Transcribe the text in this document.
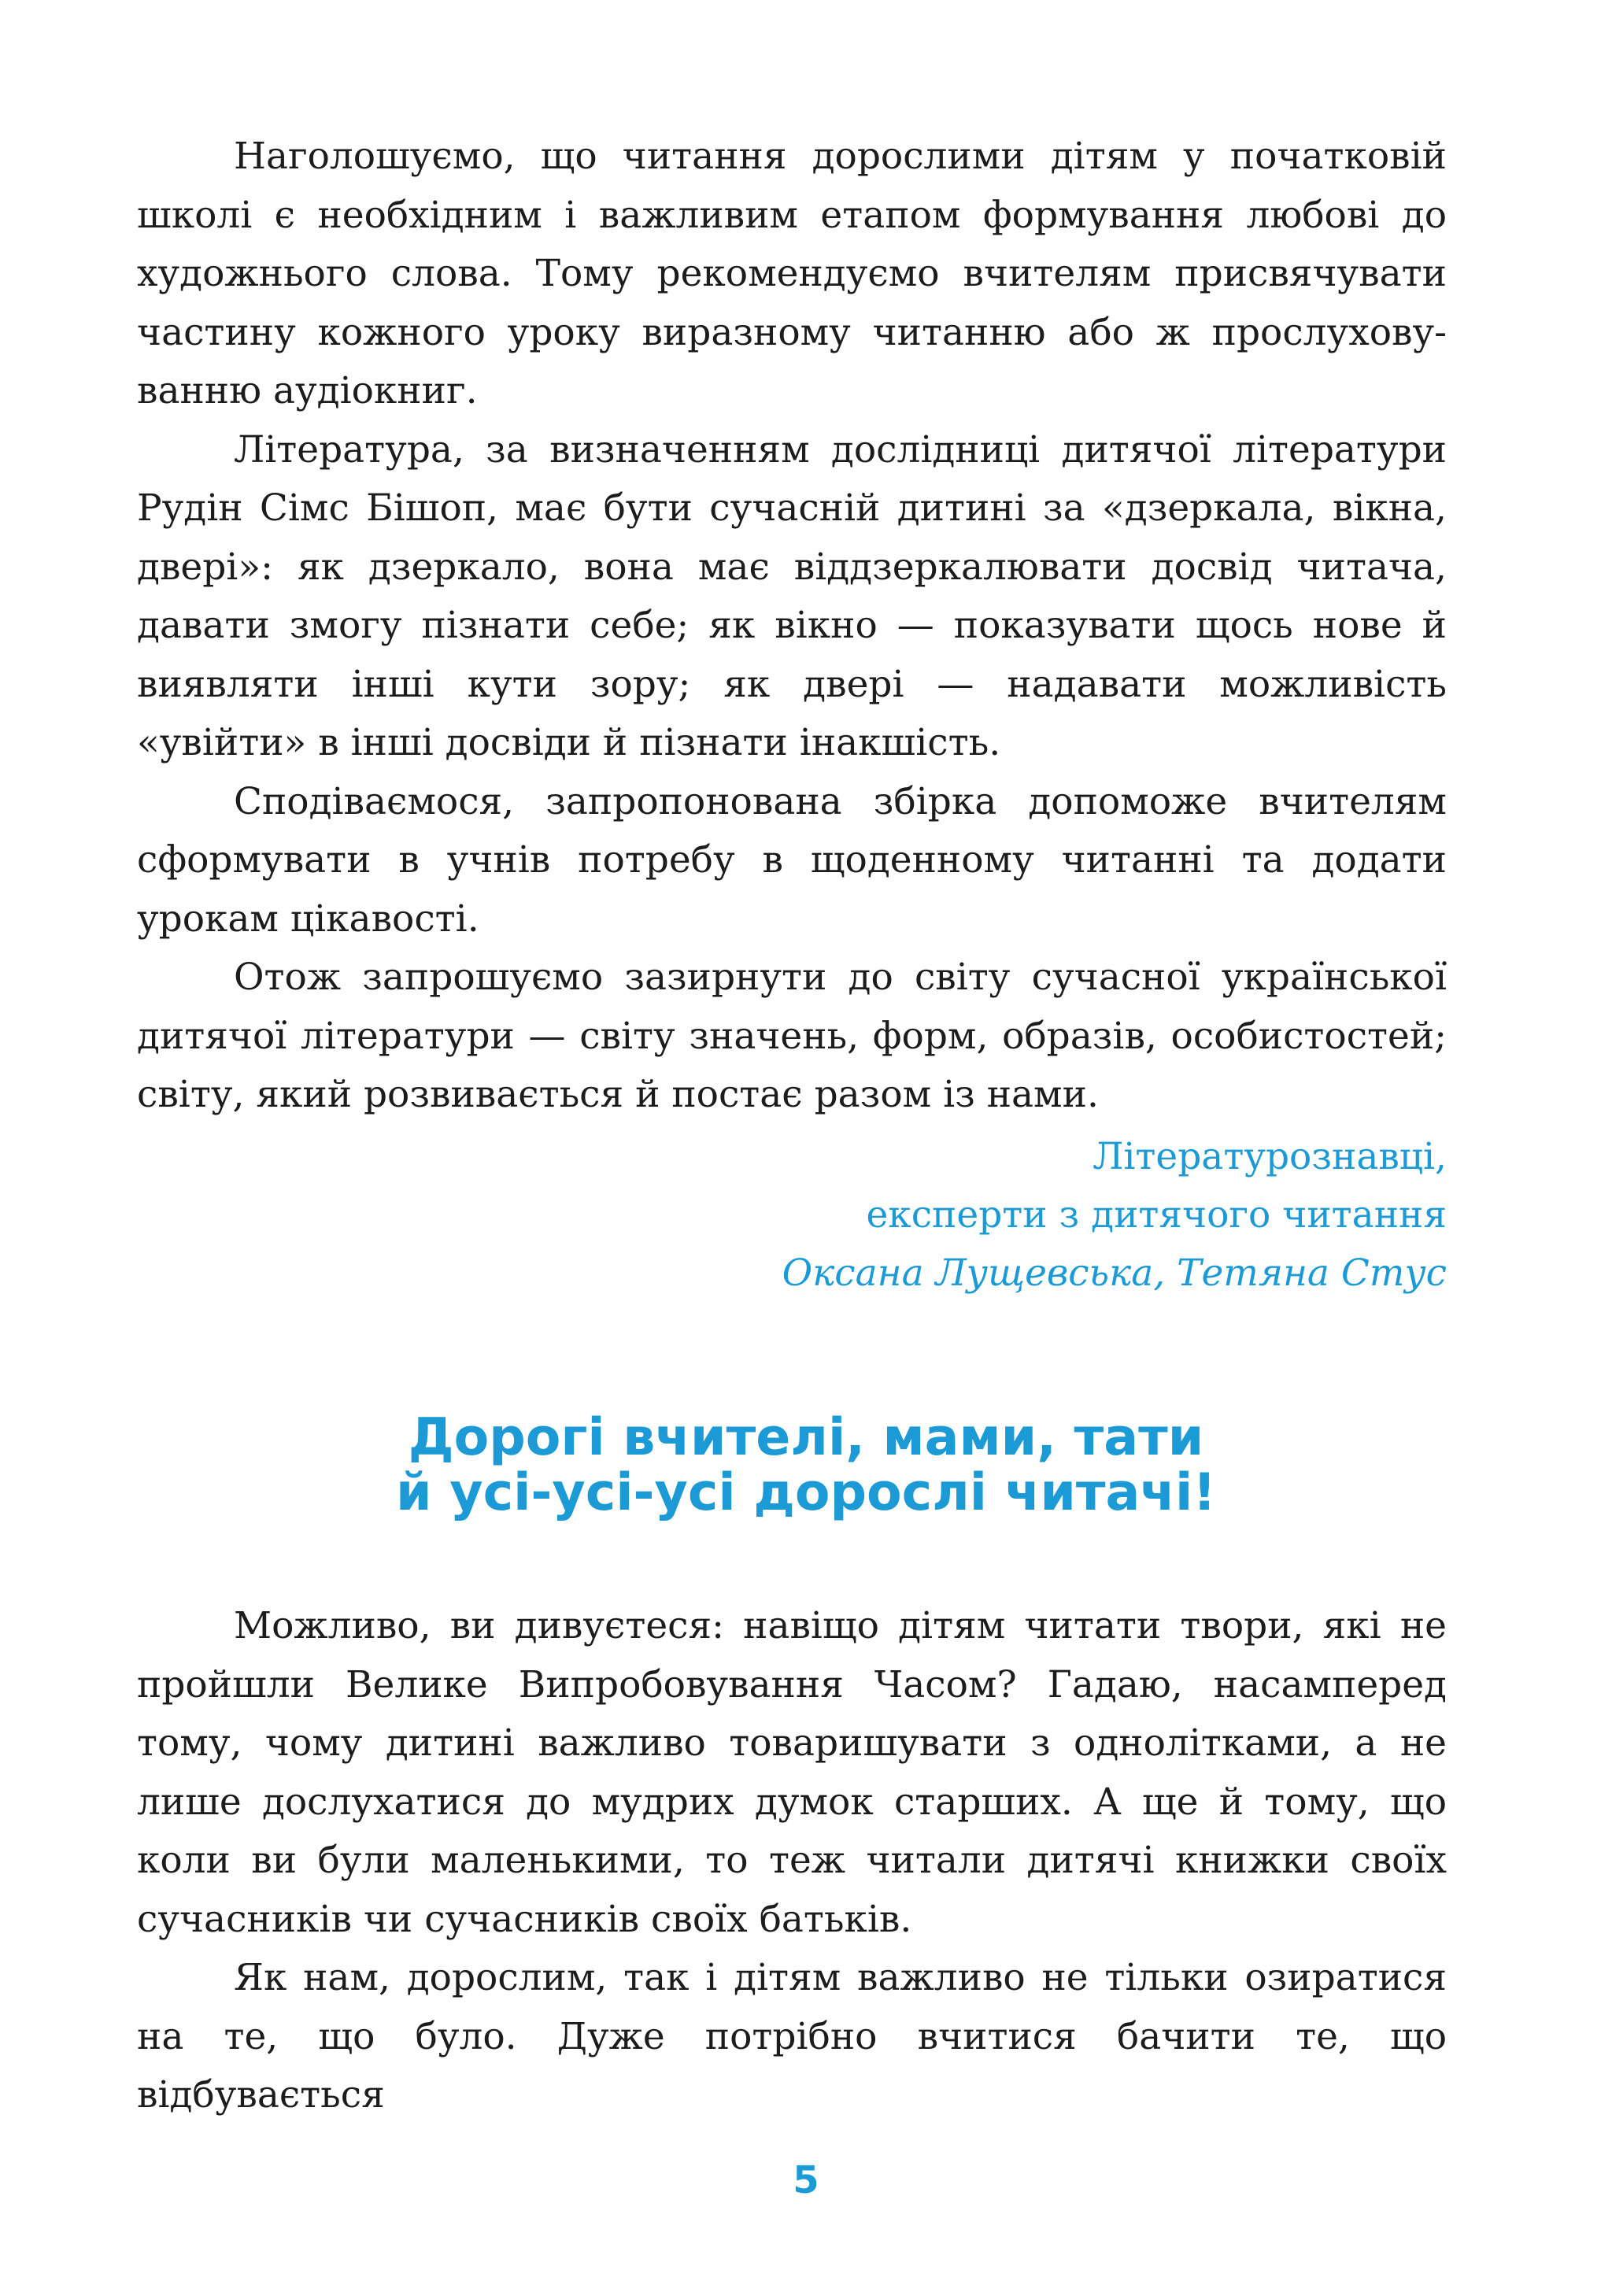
Наголошуємо, що читання дорослими дітям у початковій школі є необхідним і важливим етапом формування любові до художнього слова. Тому рекомендуємо вчителям присвячувати частину кожного уроку виразному читанню або ж прослуховуванню аудіокниг.

Література, за визначенням дослідниці дитячої літератури Рудін Сімс Бішоп, має бути сучасній дитині за «дзеркала, вікна, двері»: як дзеркало, вона має віддзеркалювати досвід читача, давати змогу пізнати себе; як вікно — показувати щось нове й виявляти інші кути зору; як двері — надавати можливість «увійти» в інші досвіди й пізнати інакшість.

Сподіваємося, запропонована збірка допоможе вчителям сформувати в учнів потребу в щоденному читанні та додати урокам цікавості.

Отож запрошуємо зазирнути до світу сучасної української дитячої літератури — світу значень, форм, образів, особистостей; світу, який розвивається й постає разом із нами.

Літературознавці,
експерти з дитячого читання
Оксана Лущевська, Тетяна Стус
Дорогі вчителі, мами, тати
й усі-усі-усі дорослі читачі!

Можливо, ви дивуєтеся: навіщо дітям читати твори, які не пройшли Велике Випробовування Часом? Гадаю, насамперед тому, чому дитині важливо товаришувати з однолітками, а не лише дослухатися до мудрих думок старших. А ще й тому, що коли ви були маленькими, то теж читали дитячі книжки своїх сучасників чи сучасників своїх батьків.

Як нам, дорослим, так і дітям важливо не тільки озиратися на те, що було. Дуже потрібно вчитися бачити те, що відбувається

5
